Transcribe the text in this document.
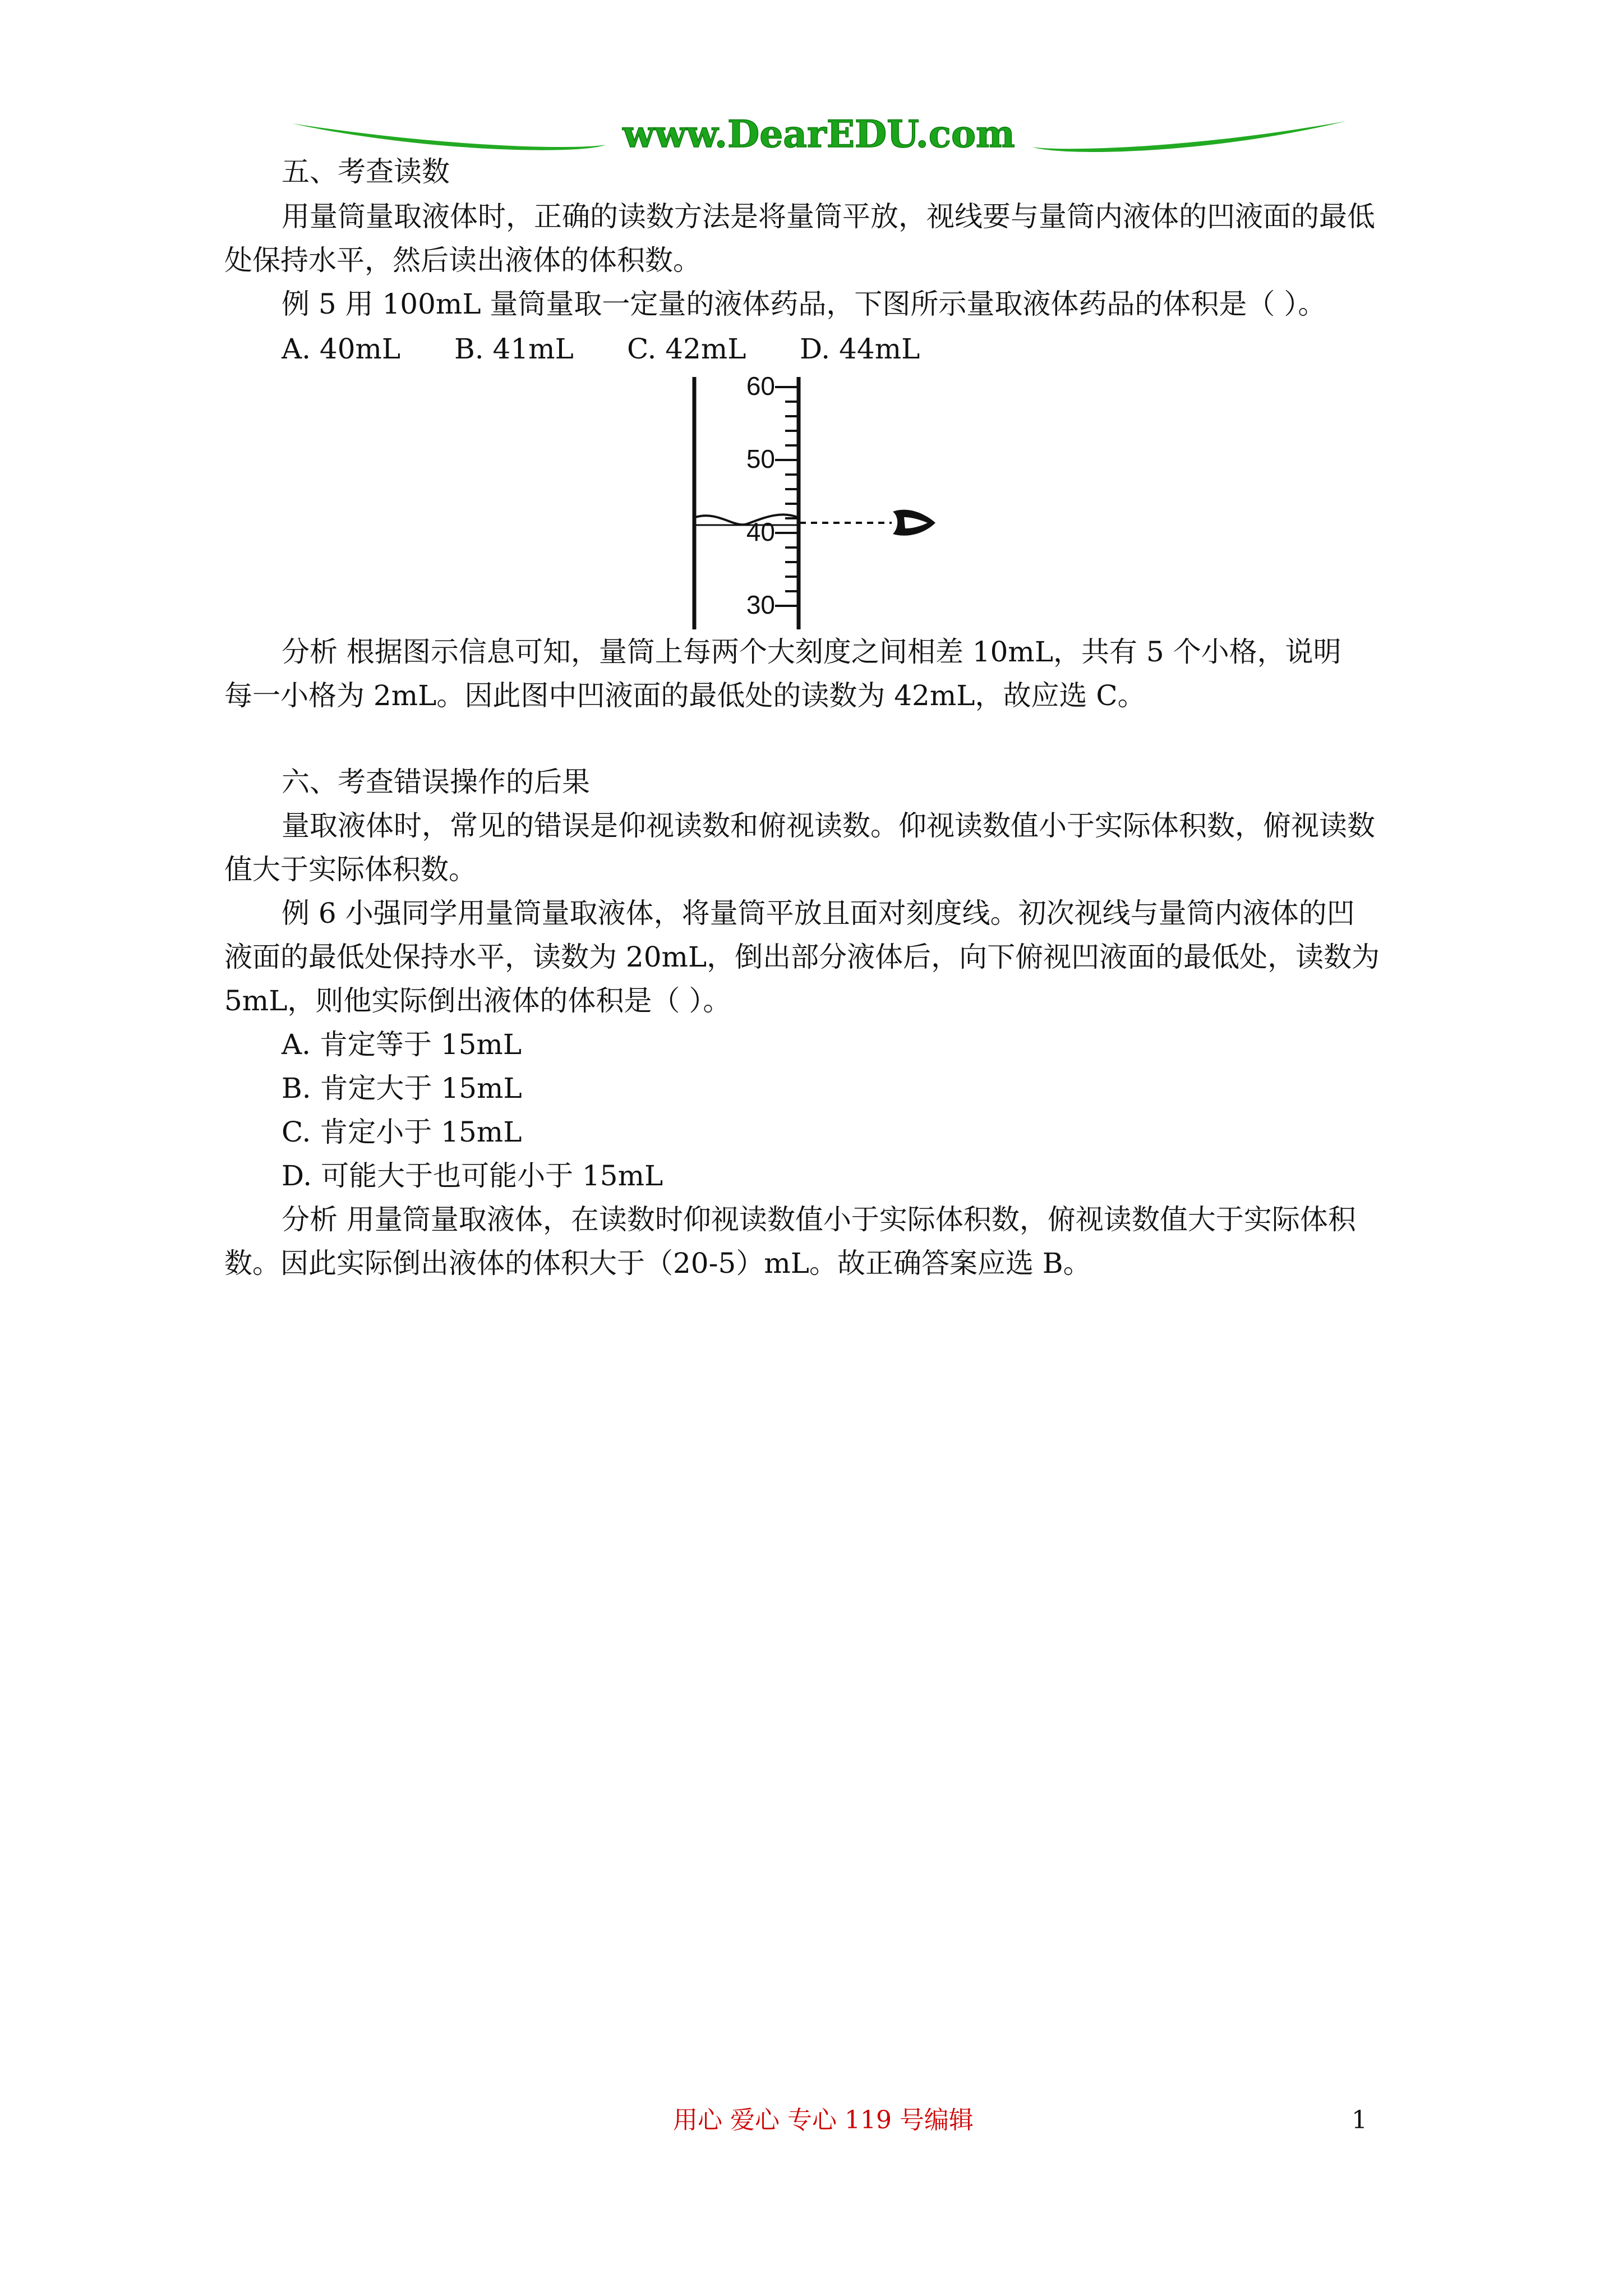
www.DearEDU.com
五、考查读数
用量筒量取液体时，正确的读数方法是将量筒平放，视线要与量筒内液体的凹液面的最低
处保持水平，然后读出液体的体积数。
例 5 用 100mL 量筒量取一定量的液体药品，下图所示量取液体药品的体积是（ ）。
A. 40mL B. 41mL C. 42mL D. 44mL
60
50
40
30
分析 根据图示信息可知，量筒上每两个大刻度之间相差 10mL，共有 5 个小格，说明
每一小格为 2mL。因此图中凹液面的最低处的读数为 42mL，故应选 C。
六、考查错误操作的后果
量取液体时，常见的错误是仰视读数和俯视读数。仰视读数值小于实际体积数，俯视读数
值大于实际体积数。
例 6 小强同学用量筒量取液体，将量筒平放且面对刻度线。初次视线与量筒内液体的凹
液面的最低处保持水平，读数为 20mL，倒出部分液体后，向下俯视凹液面的最低处，读数为
5mL，则他实际倒出液体的体积是（ ）。
A. 肯定等于 15mL
B. 肯定大于 15mL
C. 肯定小于 15mL
D. 可能大于也可能小于 15mL
分析 用量筒量取液体，在读数时仰视读数值小于实际体积数，俯视读数值大于实际体积
数。因此实际倒出液体的体积大于（20-5）mL。故正确答案应选 B。
用心 爱心 专心 119 号编辑	1
